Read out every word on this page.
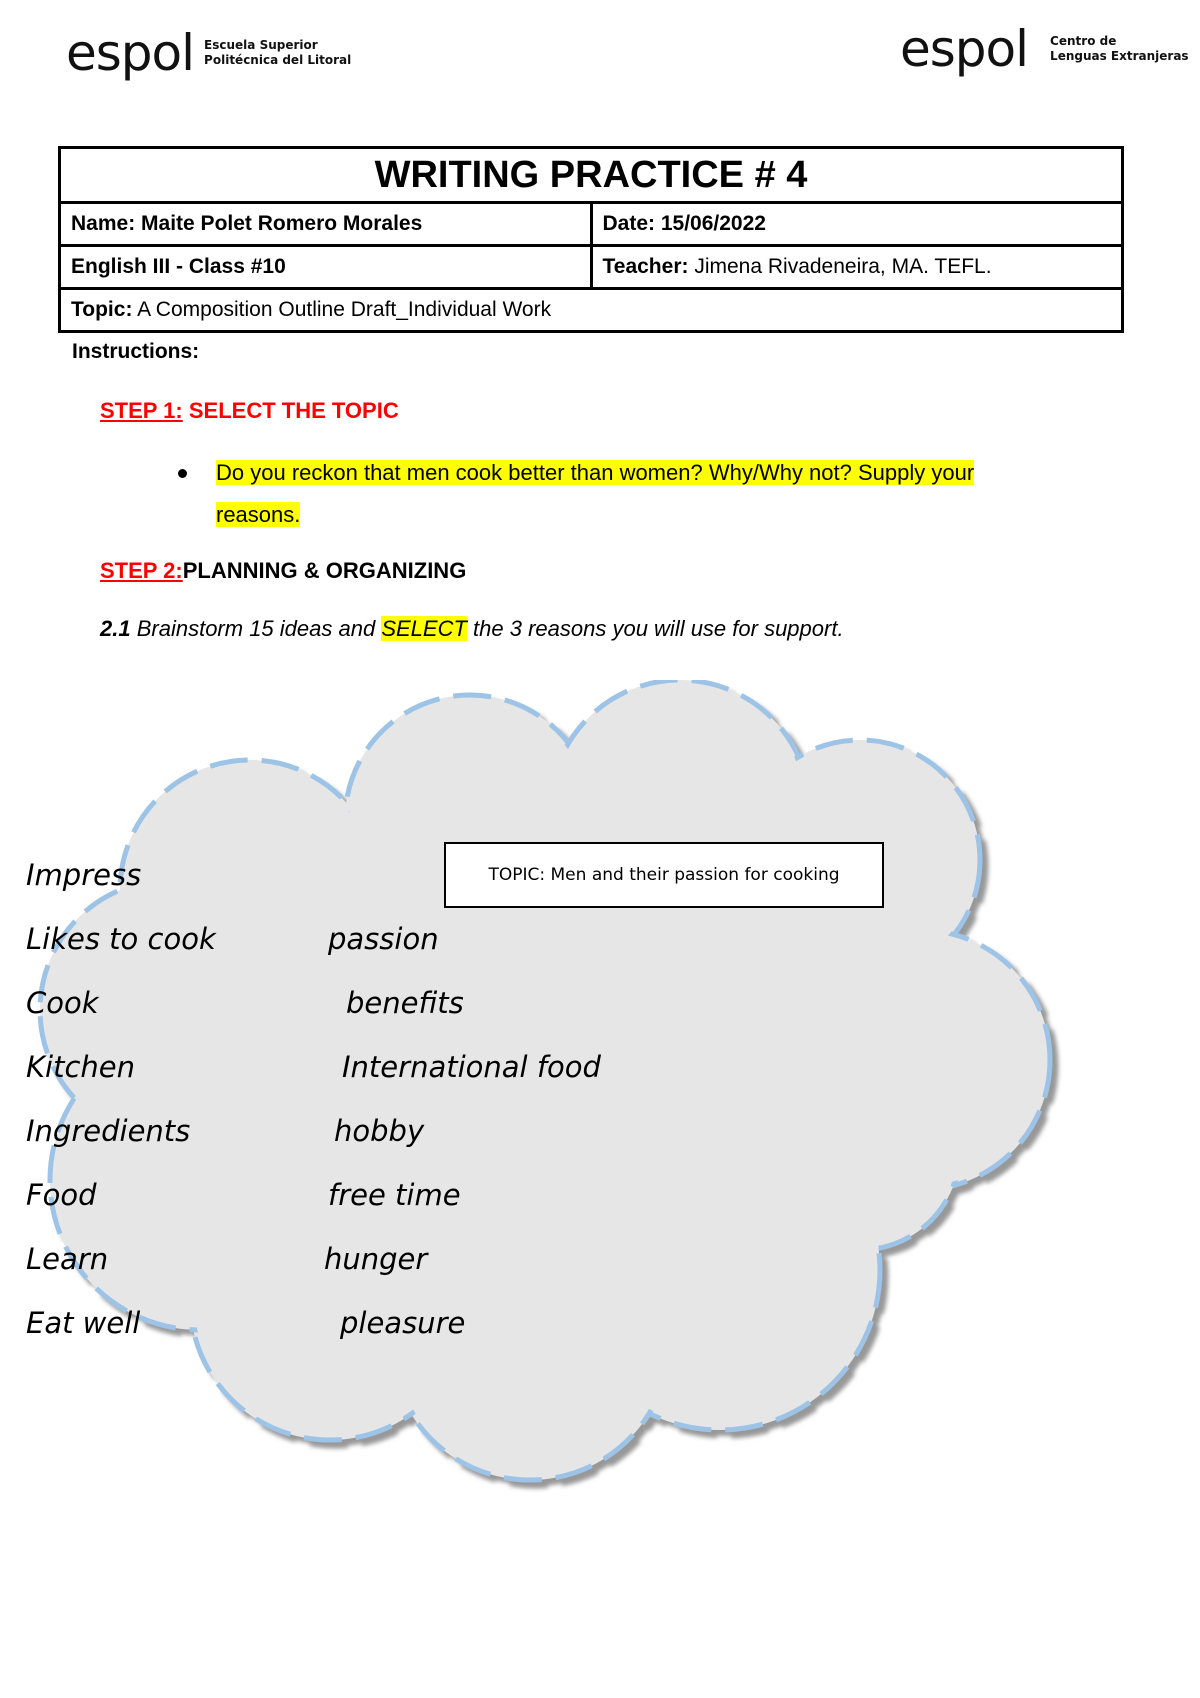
espol Escuela Superior
Politécnica del Litoral	espol Centro de
Lenguas Extranjeras
WRITING PRACTICE # 4	
Name: Maite Polet Romero Morales	Date: 15/06/2022
English III - Class #10	Teacher: Jimena Rivadeneira, MA. TEFL.
Topic: A Composition Outline Draft_Individual Work	
Instructions:
STEP 1: SELECT THE TOPIC
Do you reckon that men cook better than women? Why/Why not? Supply your
reasons.
STEP 2:PLANNING & ORGANIZING
2.1 Brainstorm 15 ideas and SELECT the 3 reasons you will use for support.
TOPIC:
Men and their passion for cooking
Impress
Likes to cook
Cook
Kitchen
Ingredients
Food
Learn
Eat well
passion
benefits
International food
hobby
free time
hunger
pleasure
